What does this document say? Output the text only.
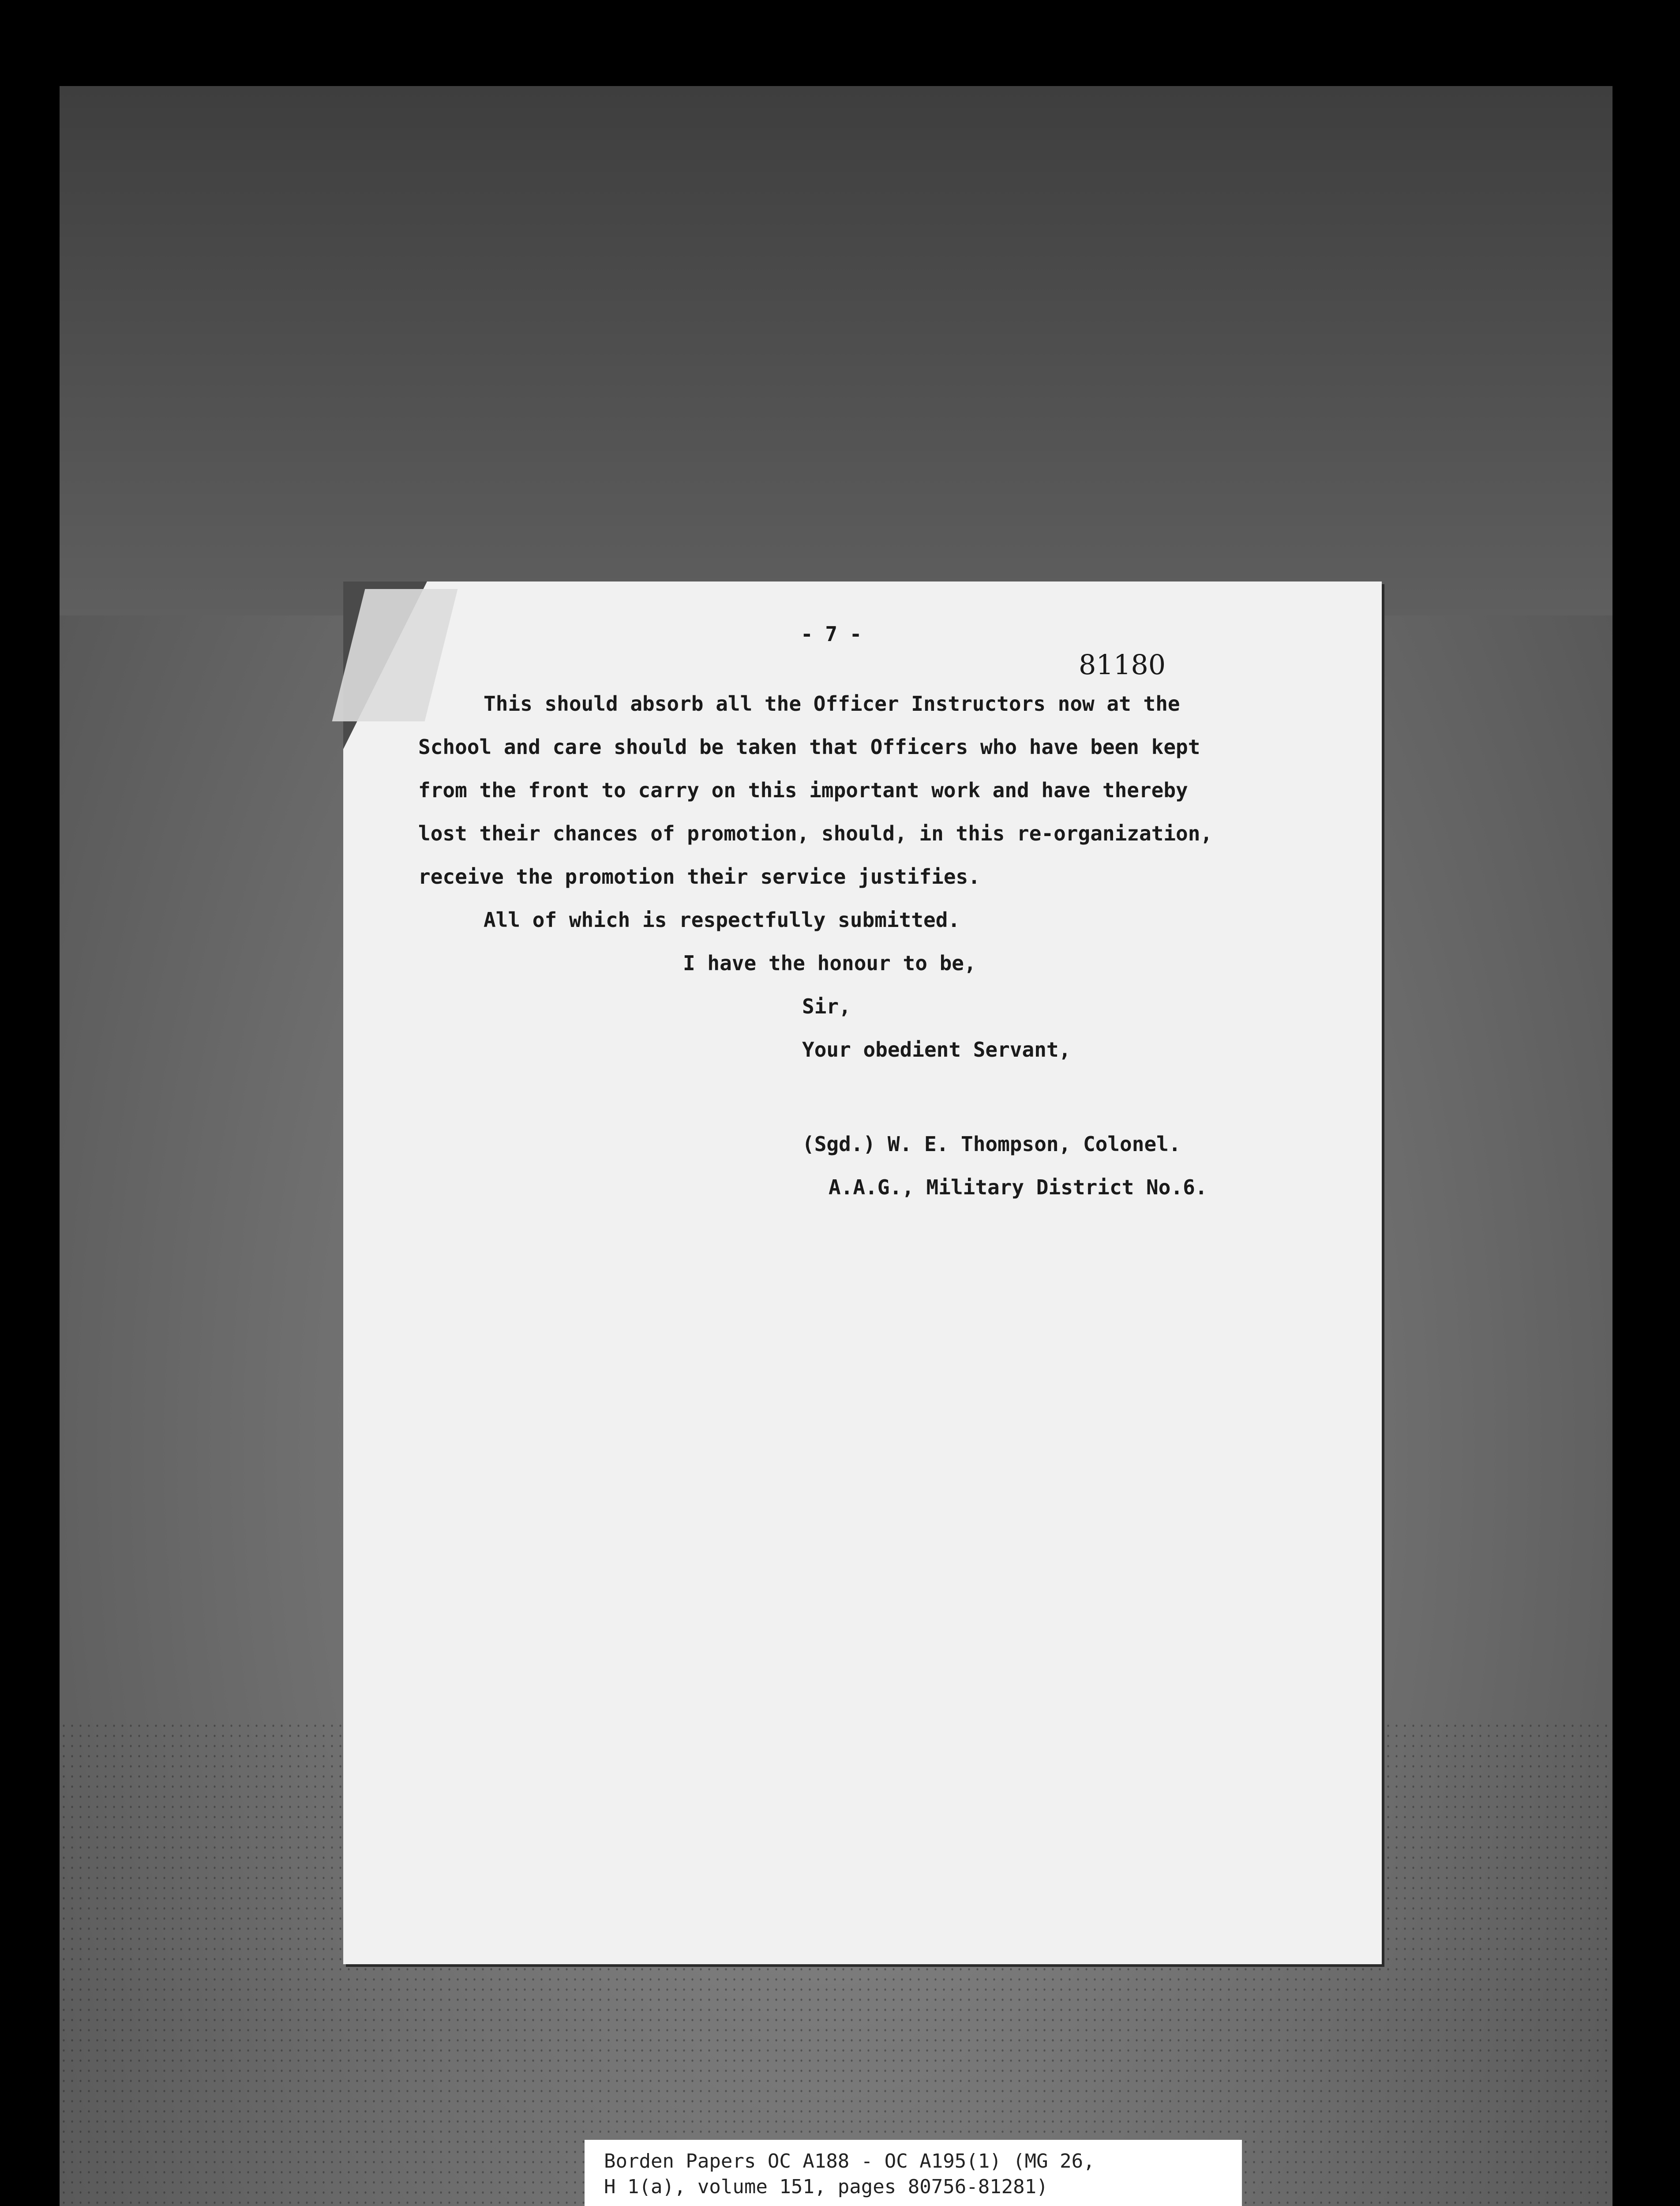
- 7 -
81180
This should absorb all the Officer Instructors now at the
School and care should be taken that Officers who have been kept
from the front to carry on this important work and have thereby
lost their chances of promotion, should, in this re-organization,
receive the promotion their service justifies.
All of which is respectfully submitted.
I have the honour to be,
Sir,
Your obedient Servant,
(Sgd.) W. E. Thompson, Colonel.
A.A.G., Military District No.6.
Borden Papers OC A188 - OC A195(1) (MG 26,
H 1(a), volume 151, pages 80756-81281)
